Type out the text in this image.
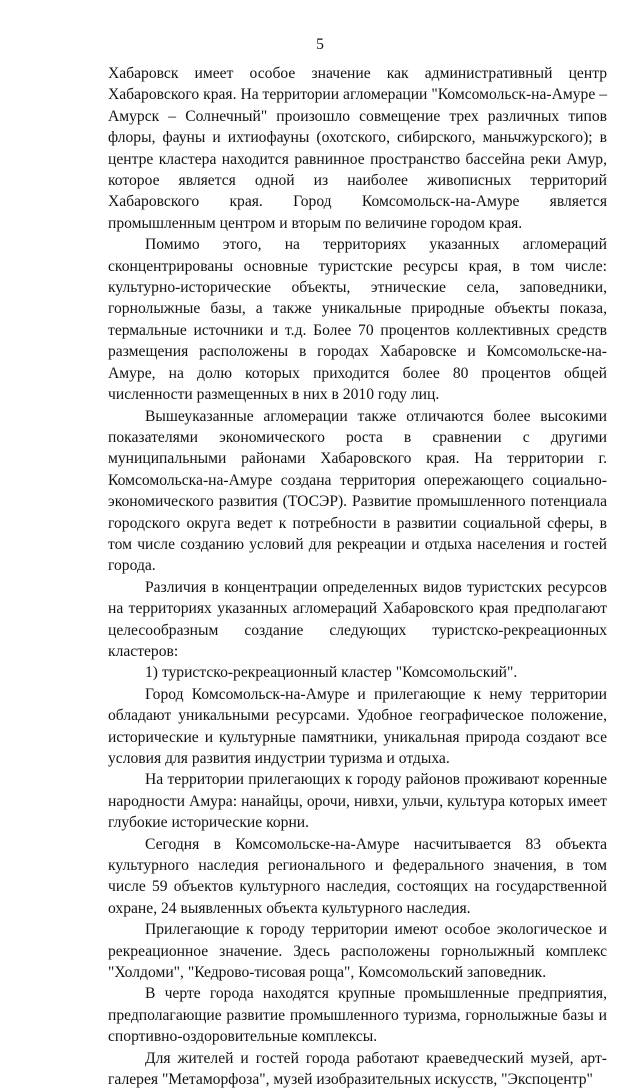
5

Хабаровск имеет особое значение как административный центр Хабаровского края. На территории агломерации "Комсомольск-на-Амуре – Амурск – Солнечный" произошло совмещение трех различных типов флоры, фауны и ихтиофауны (охотского, сибирского, маньчжурского); в центре кластера находится равнинное пространство бассейна реки Амур, которое является одной из наиболее живописных территорий Хабаровского края. Город Комсомольск-на-Амуре является промышленным центром и вторым по величине городом края.

Помимо этого, на территориях указанных агломераций сконцентрированы основные туристские ресурсы края, в том числе: культурно-исторические объекты, этнические села, заповедники, горнолыжные базы, а также уникальные природные объекты показа, термальные источники и т.д. Более 70 процентов коллективных средств размещения расположены в городах Хабаровске и Комсомольске-на-Амуре, на долю которых приходится более 80 процентов общей численности размещенных в них в 2010 году лиц.

Вышеуказанные агломерации также отличаются более высокими показателями экономического роста в сравнении с другими муниципальными районами Хабаровского края. На территории г. Комсомольска-на-Амуре создана территория опережающего социально-экономического развития (ТОСЭР). Развитие промышленного потенциала городского округа ведет к потребности в развитии социальной сферы, в том числе созданию условий для рекреации и отдыха населения и гостей города.

Различия в концентрации определенных видов туристских ресурсов на территориях указанных агломераций Хабаровского края предполагают целесообразным создание следующих туристско-рекреационных кластеров:

1) туристско-рекреационный кластер "Комсомольский".

Город Комсомольск-на-Амуре и прилегающие к нему территории обладают уникальными ресурсами. Удобное географическое положение, исторические и культурные памятники, уникальная природа создают все условия для развития индустрии туризма и отдыха.

На территории прилегающих к городу районов проживают коренные народности Амура: нанайцы, орочи, нивхи, ульчи, культура которых имеет глубокие исторические корни.

Сегодня в Комсомольске-на-Амуре насчитывается 83 объекта культурного наследия регионального и федерального значения, в том числе 59 объектов культурного наследия, состоящих на государственной охране, 24 выявленных объекта культурного наследия.

Прилегающие к городу территории имеют особое экологическое и рекреационное значение. Здесь расположены горнолыжный комплекс "Холдоми", "Кедрово-тисовая роща", Комсомольский заповедник.

В черте города находятся крупные промышленные предприятия, предполагающие развитие промышленного туризма, горнолыжные базы и спортивно-оздоровительные комплексы.

Для жителей и гостей города работают краеведческий музей, арт-галерея "Метаморфоза", музей изобразительных искусств, "Экспоцентр"
